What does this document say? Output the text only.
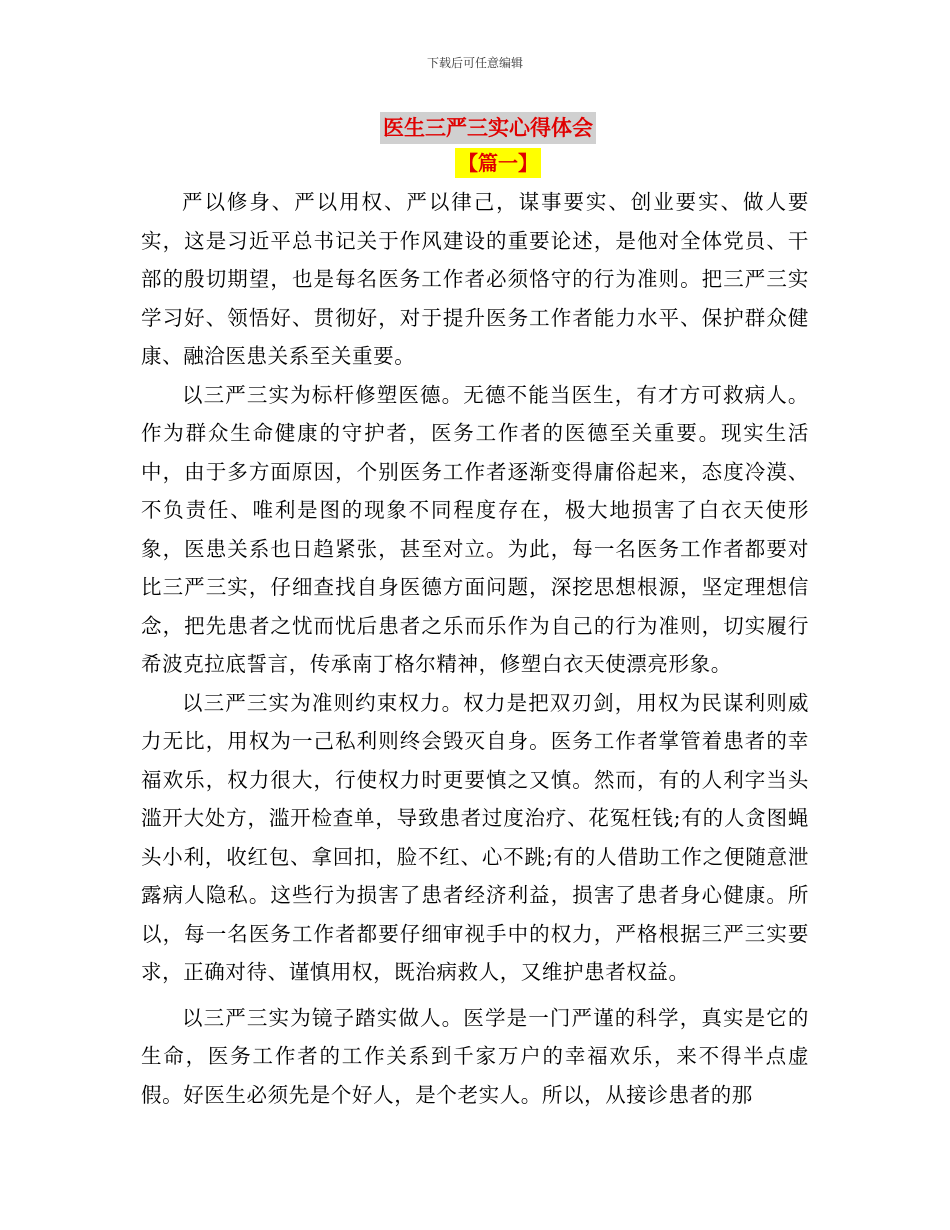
下载后可任意编辑
医生三严三实心得体会
【篇一】

严以修身、严以用权、严以律己，谋事要实、创业要实、做人要实，这是习近平总书记关于作风建设的重要论述，是他对全体党员、干部的殷切期望，也是每名医务工作者必须恪守的行为准则。把三严三实学习好、领悟好、贯彻好，对于提升医务工作者能力水平、保护群众健康、融洽医患关系至关重要。

以三严三实为标杆修塑医德。无德不能当医生，有才方可救病人。作为群众生命健康的守护者，医务工作者的医德至关重要。现实生活中，由于多方面原因，个别医务工作者逐渐变得庸俗起来，态度冷漠、不负责任、唯利是图的现象不同程度存在，极大地损害了白衣天使形象，医患关系也日趋紧张，甚至对立。为此，每一名医务工作者都要对比三严三实，仔细查找自身医德方面问题，深挖思想根源，坚定理想信念，把先患者之忧而忧后患者之乐而乐作为自己的行为准则，切实履行希波克拉底誓言，传承南丁格尔精神，修塑白衣天使漂亮形象。

以三严三实为准则约束权力。权力是把双刃剑，用权为民谋利则威力无比，用权为一己私利则终会毁灭自身。医务工作者掌管着患者的幸福欢乐，权力很大，行使权力时更要慎之又慎。然而，有的人利字当头滥开大处方，滥开检查单，导致患者过度治疗、花冤枉钱;有的人贪图蝇头小利，收红包、拿回扣，脸不红、心不跳;有的人借助工作之便随意泄露病人隐私。这些行为损害了患者经济利益，损害了患者身心健康。所以，每一名医务工作者都要仔细审视手中的权力，严格根据三严三实要求，正确对待、谨慎用权，既治病救人，又维护患者权益。

以三严三实为镜子踏实做人。医学是一门严谨的科学，真实是它的生命，医务工作者的工作关系到千家万户的幸福欢乐，来不得半点虚假。好医生必须先是个好人，是个老实人。所以，从接诊患者的那
